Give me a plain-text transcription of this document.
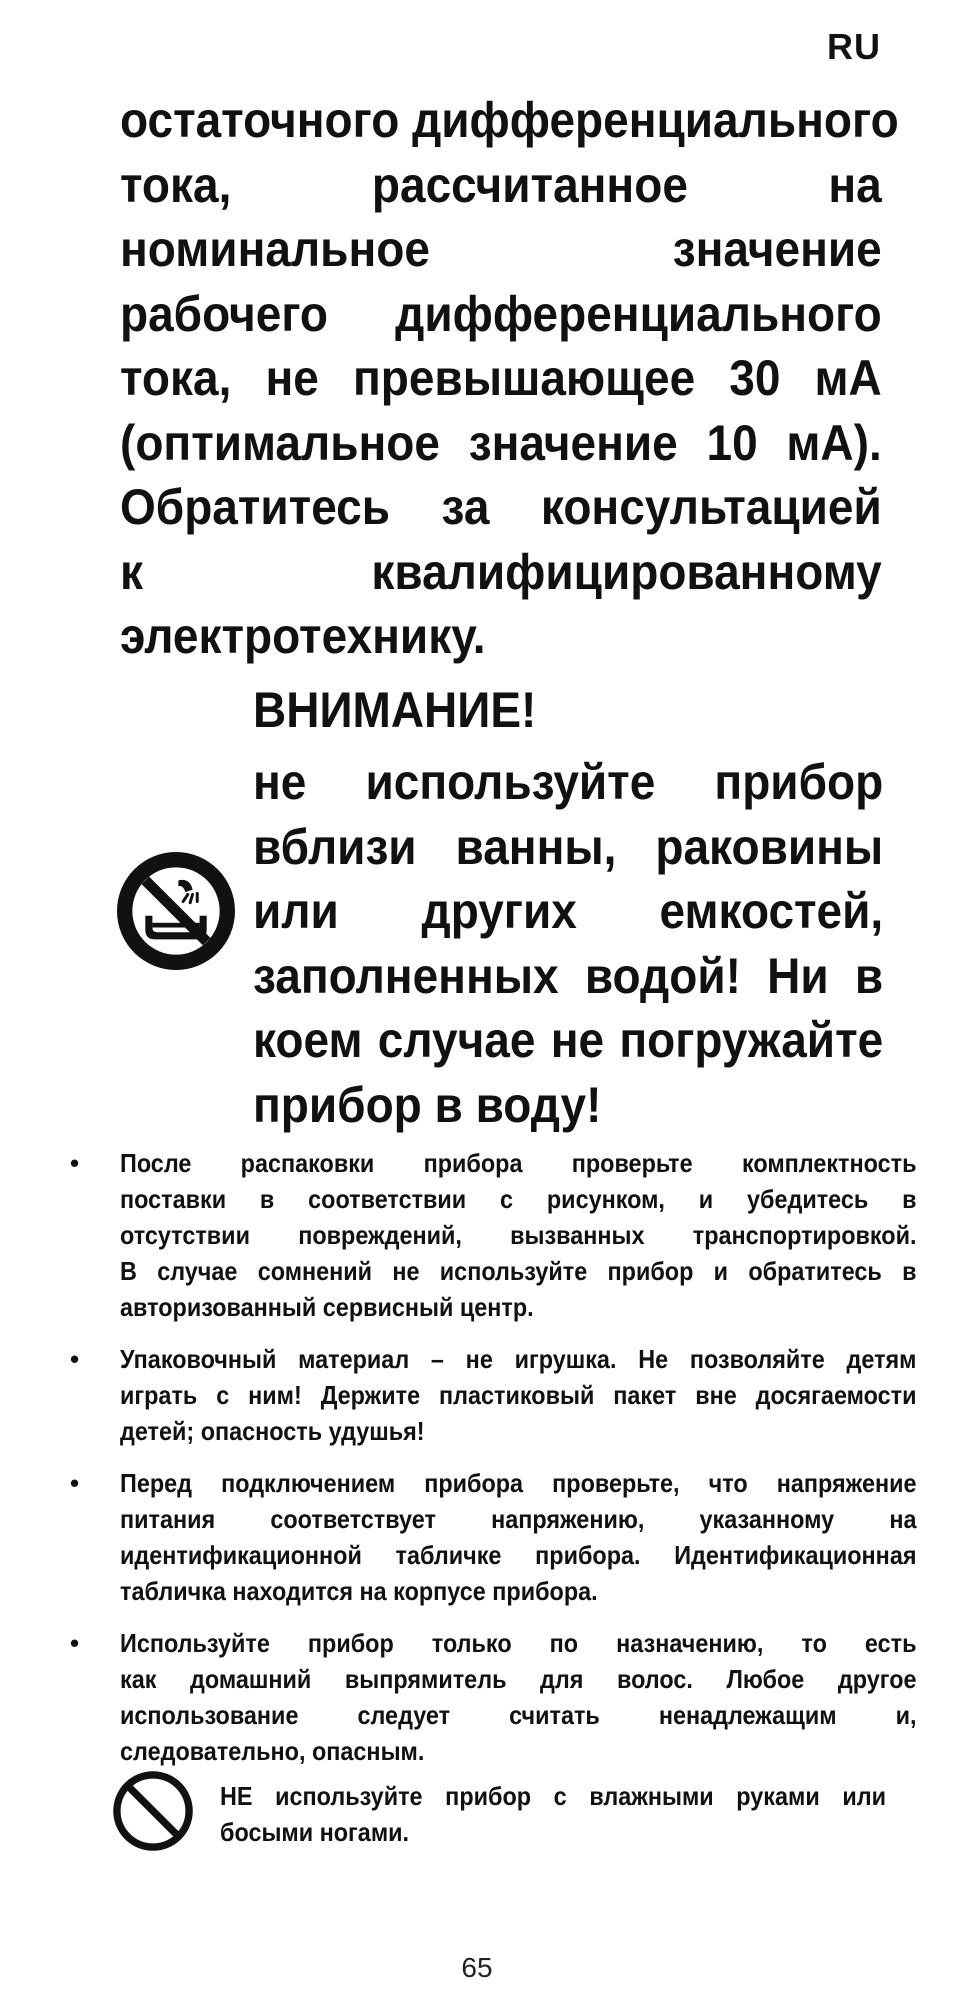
RU
остаточного дифференциального
тока, рассчитанное на
номинальное значение
рабочего дифференциального
тока, не превышающее 30 мА
(оптимальное значение 10 мА).
Обратитесь за консультацией
к квалифицированному
электротехнику.
ВНИМАНИЕ!
не используйте прибор
вблизи ванны, раковины
или других емкостей,
заполненных водой! Ни в
коем случае не погружайте
прибор в воду!
• После распаковки прибора проверьте комплектность
поставки в соответствии с рисунком, и убедитесь в
отсутствии повреждений, вызванных транспортировкой.
В случае сомнений не используйте прибор и обратитесь в
авторизованный сервисный центр.
• Упаковочный материал – не игрушка. Не позволяйте детям
играть с ним! Держите пластиковый пакет вне досягаемости
детей; опасность удушья!
• Перед подключением прибора проверьте, что напряжение
питания соответствует напряжению, указанному на
идентификационной табличке прибора. Идентификационная
табличка находится на корпусе прибора.
• Используйте прибор только по назначению, то есть
как домашний выпрямитель для волос. Любое другое
использование следует считать ненадлежащим и,
следовательно, опасным.
НЕ используйте прибор с влажными руками или
босыми ногами.
65
